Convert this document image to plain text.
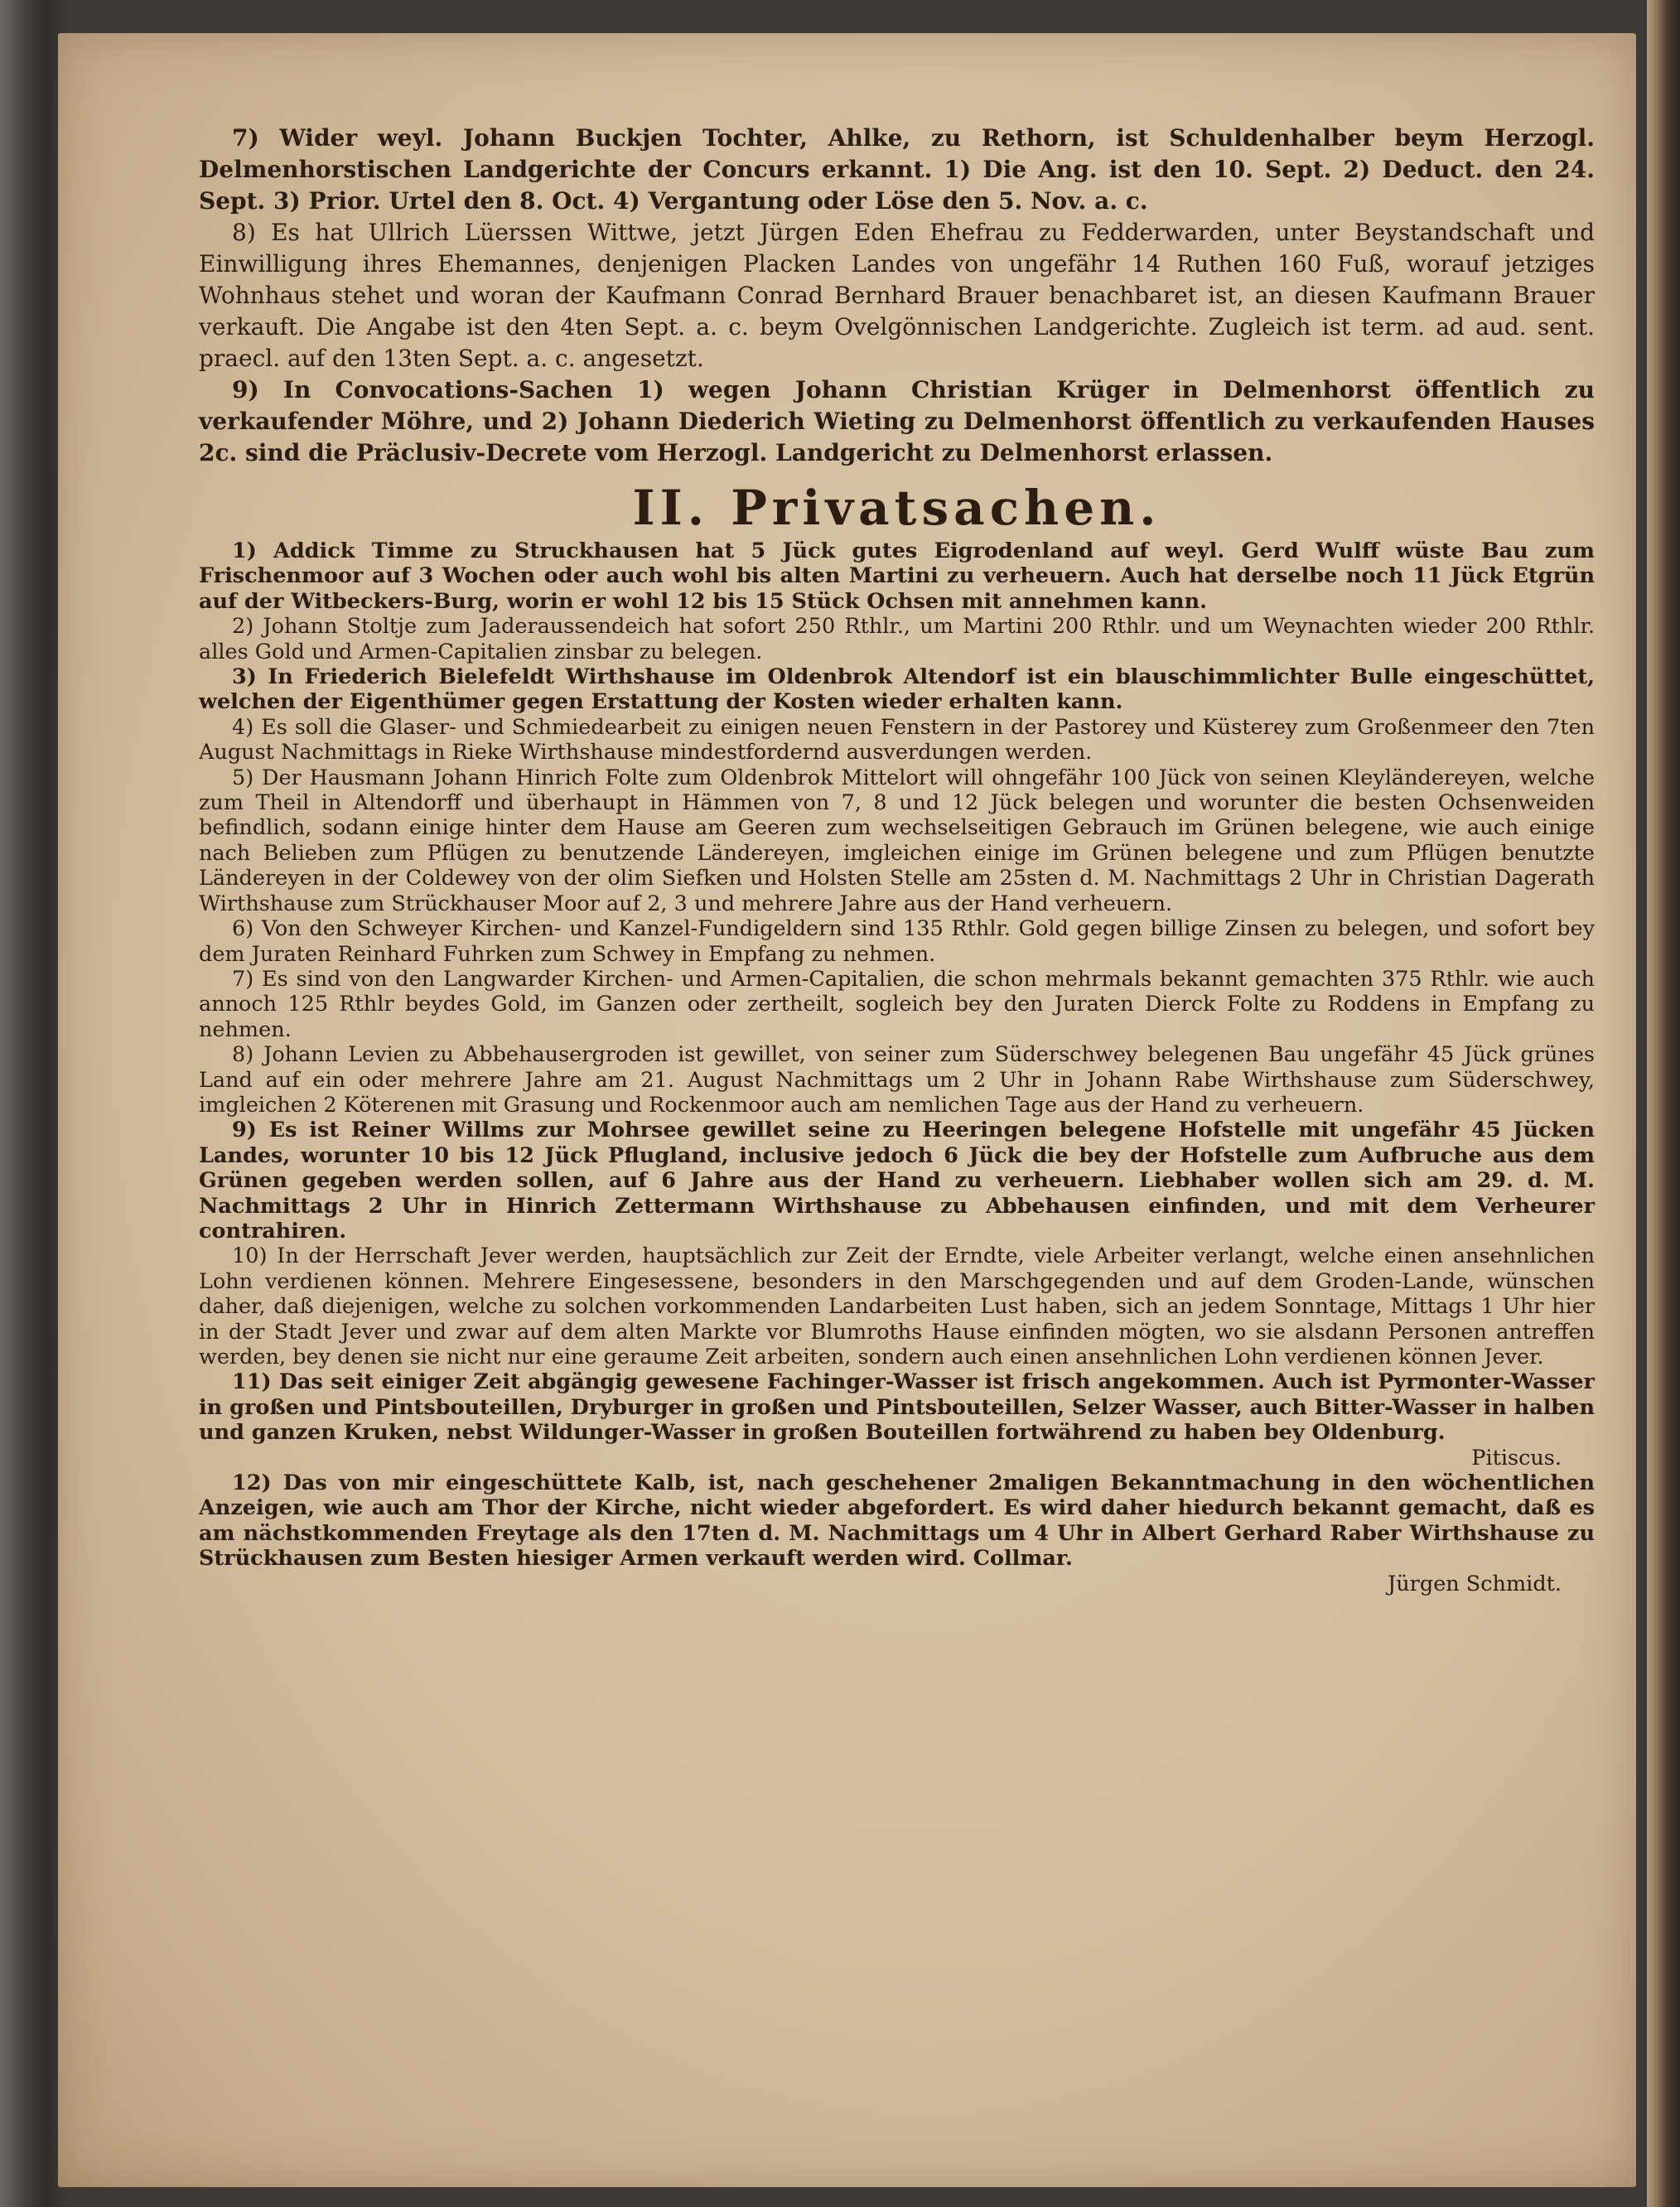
7) Wider weyl. Johann Buckjen Tochter, Ahlke, zu Rethorn, ist Schuldenhalber beym Herzogl. Delmenhorstischen Landgerichte der Concurs erkannt. 1) Die Ang. ist den 10. Sept. 2) Deduct. den 24. Sept. 3) Prior. Urtel den 8. Oct. 4) Vergantung oder Löse den 5. Nov. a. c.

8) Es hat Ullrich Lüerssen Wittwe, jetzt Jürgen Eden Ehefrau zu Fedderwarden, unter Beystandschaft und Einwilligung ihres Ehemannes, denjenigen Placken Landes von ungefähr 14 Ruthen 160 Fuß, worauf jetziges Wohnhaus stehet und woran der Kaufmann Conrad Bernhard Brauer benachbaret ist, an diesen Kaufmann Brauer verkauft. Die Angabe ist den 4ten Sept. a. c. beym Ovelgönnischen Landgerichte. Zugleich ist term. ad aud. sent. praecl. auf den 13ten Sept. a. c. angesetzt.

9) In Convocations-Sachen 1) wegen Johann Christian Krüger in Delmenhorst öffentlich zu verkaufender Möhre, und 2) Johann Diederich Wieting zu Delmenhorst öffentlich zu verkaufenden Hauses 2c. sind die Präclusiv-Decrete vom Herzogl. Landgericht zu Delmenhorst erlassen.

II. Privatsachen.

1) Addick Timme zu Struckhausen hat 5 Jück gutes Eigrodenland auf weyl. Gerd Wulff wüste Bau zum Frischenmoor auf 3 Wochen oder auch wohl bis alten Martini zu verheuern. Auch hat derselbe noch 11 Jück Etgrün auf der Witbeckers-Burg, worin er wohl 12 bis 15 Stück Ochsen mit annehmen kann.

2) Johann Stoltje zum Jaderaussendeich hat sofort 250 Rthlr., um Martini 200 Rthlr. und um Weynachten wieder 200 Rthlr. alles Gold und Armen-Capitalien zinsbar zu belegen.

3) In Friederich Bielefeldt Wirthshause im Oldenbrok Altendorf ist ein blauschimmlichter Bulle eingeschüttet, welchen der Eigenthümer gegen Erstattung der Kosten wieder erhalten kann.

4) Es soll die Glaser- und Schmiedearbeit zu einigen neuen Fenstern in der Pastorey und Küsterey zum Großenmeer den 7ten August Nachmittags in Rieke Wirthshause mindestfordernd ausverdungen werden.

5) Der Hausmann Johann Hinrich Folte zum Oldenbrok Mittelort will ohngefähr 100 Jück von seinen Kleyländereyen, welche zum Theil in Altendorff und überhaupt in Hämmen von 7, 8 und 12 Jück belegen und worunter die besten Ochsenweiden befindlich, sodann einige hinter dem Hause am Geeren zum wechselseitigen Gebrauch im Grünen belegene, wie auch einige nach Belieben zum Pflügen zu benutzende Ländereyen, imgleichen einige im Grünen belegene und zum Pflügen benutzte Ländereyen in der Coldewey von der olim Siefken und Holsten Stelle am 25sten d. M. Nachmittags 2 Uhr in Christian Dagerath Wirthshause zum Strückhauser Moor auf 2, 3 und mehrere Jahre aus der Hand verheuern.

6) Von den Schweyer Kirchen- und Kanzel-Fundigeldern sind 135 Rthlr. Gold gegen billige Zinsen zu belegen, und sofort bey dem Juraten Reinhard Fuhrken zum Schwey in Empfang zu nehmen.

7) Es sind von den Langwarder Kirchen- und Armen-Capitalien, die schon mehrmals bekannt gemachten 375 Rthlr. wie auch annoch 125 Rthlr beydes Gold, im Ganzen oder zertheilt, sogleich bey den Juraten Dierck Folte zu Roddens in Empfang zu nehmen.

8) Johann Levien zu Abbehausergroden ist gewillet, von seiner zum Süderschwey belegenen Bau ungefähr 45 Jück grünes Land auf ein oder mehrere Jahre am 21. August Nachmittags um 2 Uhr in Johann Rabe Wirthshause zum Süderschwey, imgleichen 2 Köterenen mit Grasung und Rockenmoor auch am nemlichen Tage aus der Hand zu verheuern.

9) Es ist Reiner Willms zur Mohrsee gewillet seine zu Heeringen belegene Hofstelle mit ungefähr 45 Jücken Landes, worunter 10 bis 12 Jück Pflugland, inclusive jedoch 6 Jück die bey der Hofstelle zum Aufbruche aus dem Grünen gegeben werden sollen, auf 6 Jahre aus der Hand zu verheuern. Liebhaber wollen sich am 29. d. M. Nachmittags 2 Uhr in Hinrich Zettermann Wirthshause zu Abbehausen einfinden, und mit dem Verheurer contrahiren.

10) In der Herrschaft Jever werden, hauptsächlich zur Zeit der Erndte, viele Arbeiter verlangt, welche einen ansehnlichen Lohn verdienen können. Mehrere Eingesessene, besonders in den Marschgegenden und auf dem Groden-Lande, wünschen daher, daß diejenigen, welche zu solchen vorkommenden Landarbeiten Lust haben, sich an jedem Sonntage, Mittags 1 Uhr hier in der Stadt Jever und zwar auf dem alten Markte vor Blumroths Hause einfinden mögten, wo sie alsdann Personen antreffen werden, bey denen sie nicht nur eine geraume Zeit arbeiten, sondern auch einen ansehnlichen Lohn verdienen können Jever.

11) Das seit einiger Zeit abgängig gewesene Fachinger-Wasser ist frisch angekommen. Auch ist Pyrmonter-Wasser in großen und Pintsbouteillen, Dryburger in großen und Pintsbouteillen, Selzer Wasser, auch Bitter-Wasser in halben und ganzen Kruken, nebst Wildunger-Wasser in großen Bouteillen fortwährend zu haben bey Oldenburg.

Pitiscus.

12) Das von mir eingeschüttete Kalb, ist, nach geschehener 2maligen Bekanntmachung in den wöchentlichen Anzeigen, wie auch am Thor der Kirche, nicht wieder abgefordert. Es wird daher hiedurch bekannt gemacht, daß es am nächstkommenden Freytage als den 17ten d. M. Nachmittags um 4 Uhr in Albert Gerhard Raber Wirthshause zu Strückhausen zum Besten hiesiger Armen verkauft werden wird. Collmar.

Jürgen Schmidt.
